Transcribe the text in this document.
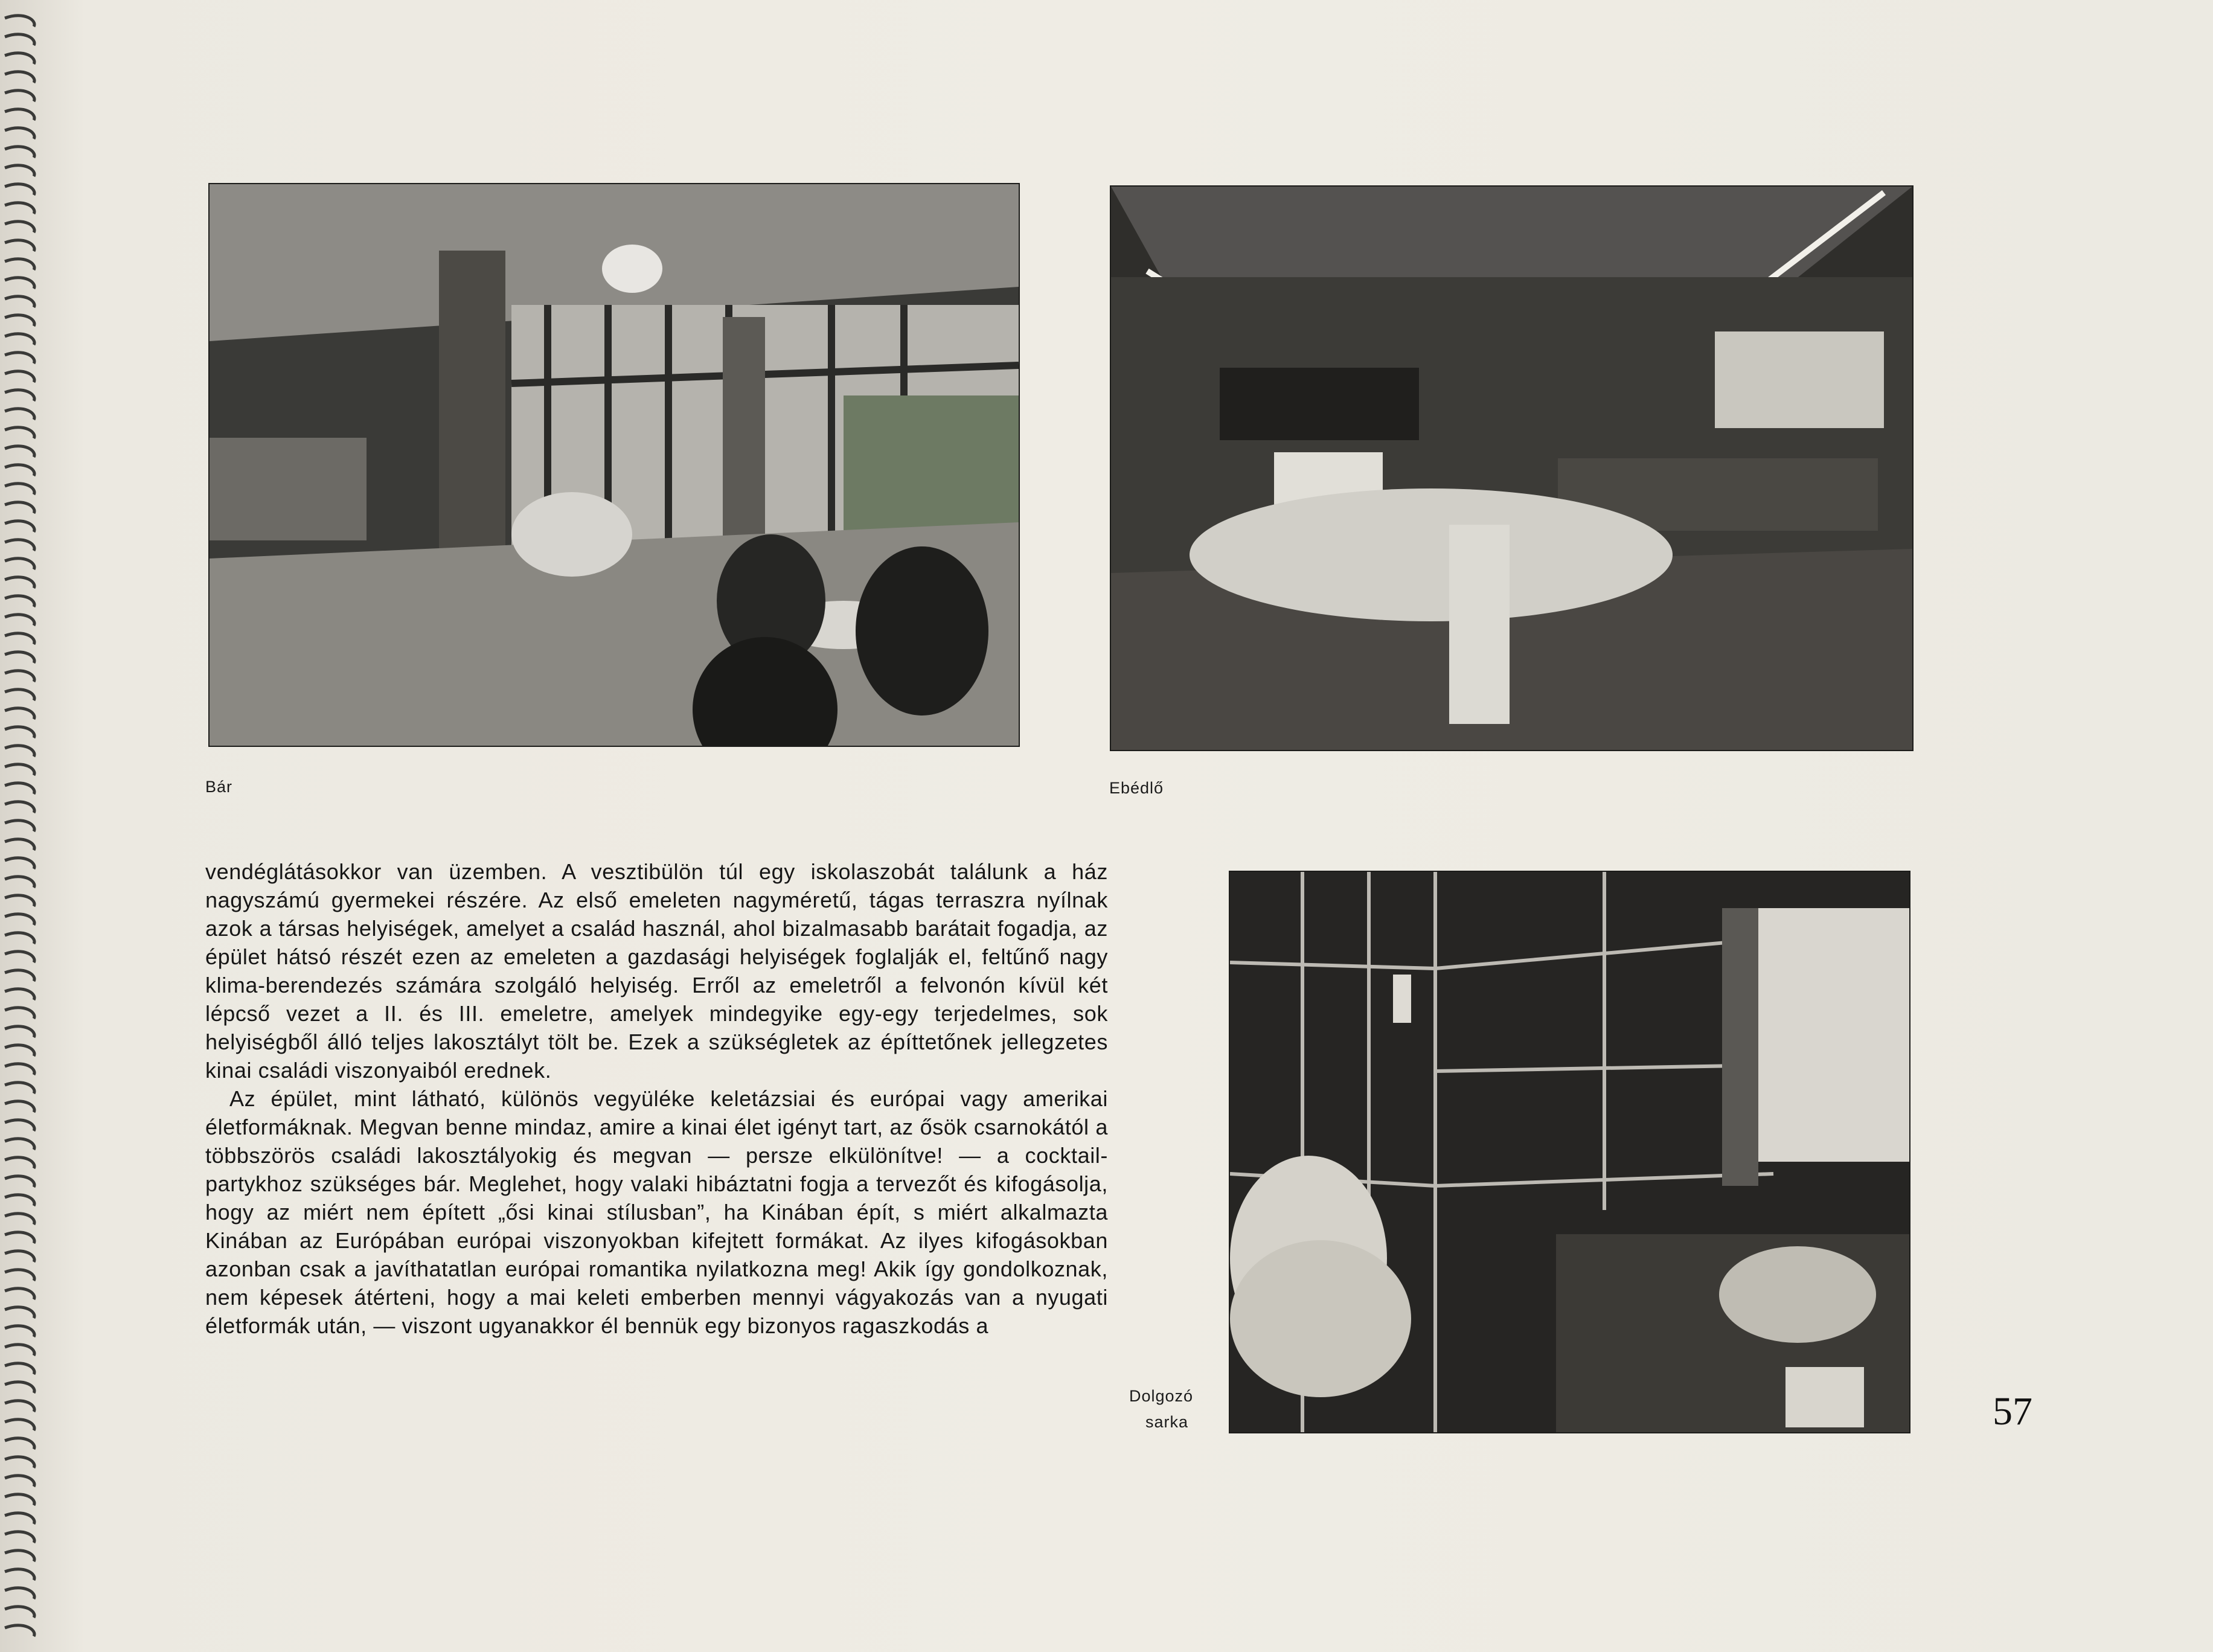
Bár	Ebédlő

vendéglátásokkor van üzemben. A vesztibülön túl egy iskolaszobát találunk a ház nagyszámú gyermekei részére. Az első emeleten nagyméretű, tágas terraszra nyílnak azok a társas helyiségek, amelyet a család használ, ahol bizalmasabb barátait fogadja, az épület hátsó részét ezen az emeleten a gazdasági helyiségek foglalják el, feltűnő nagy klima-berendezés számára szolgáló helyiség. Erről az emeletről a felvonón kívül két lépcső vezet a II. és III. emeletre, amelyek mindegyike egy-egy terjedelmes, sok helyiségből álló teljes lakosztályt tölt be. Ezek a szükségletek az építtetőnek jellegzetes kinai családi viszonyaiból erednek.

Az épület, mint látható, különös vegyüléke keletázsiai és európai vagy amerikai életformáknak. Megvan benne mindaz, amire a kinai élet igényt tart, az ősök csarnokától a többszörös családi lakosztályokig és megvan — persze elkülönítve! — a cocktail-partykhoz szükséges bár. Meglehet, hogy valaki hibáztatni fogja a tervezőt és kifogásolja, hogy az miért nem épített „ősi kinai stílusban”, ha Kinában épít, s miért alkalmazta Kinában az Európában európai viszonyokban kifejtett formákat. Az ilyes kifogásokban azonban csak a javíthatatlan európai romantika nyilatkozna meg! Akik így gondolkoznak, nem képesek átérteni, hogy a mai keleti emberben mennyi vágyakozás van a nyugati életformák után, — viszont ugyanakkor él bennük egy bizonyos ragaszkodás a

Dolgozó
sarka	57
